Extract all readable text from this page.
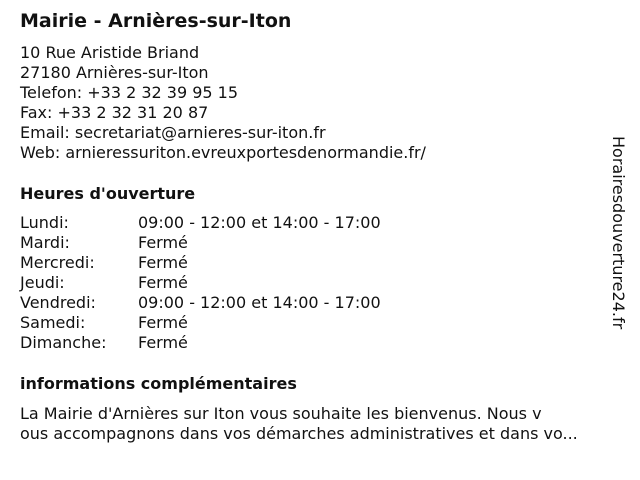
Mairie - Arnières-sur-Iton
10 Rue Aristide Briand
27180 Arnières-sur-Iton
Telefon: +33 2 32 39 95 15
Fax: +33 2 32 31 20 87
Email: secretariat@arnieres-sur-iton.fr
Web: arnieressuriton.evreuxportesdenormandie.fr/
Heures d'ouverture
Lundi:	09:00 - 12:00 et 14:00 - 17:00
Mardi:	Fermé
Mercredi:	Fermé
Jeudi:	Fermé
Vendredi:	09:00 - 12:00 et 14:00 - 17:00
Samedi:	Fermé
Dimanche: Fermé
informations complémentaires
La Mairie d'Arnières sur Iton vous souhaite les bienvenus. Nous v
ous accompagnons dans vos démarches administratives et dans vo...
Horairesdouverture24.fr
